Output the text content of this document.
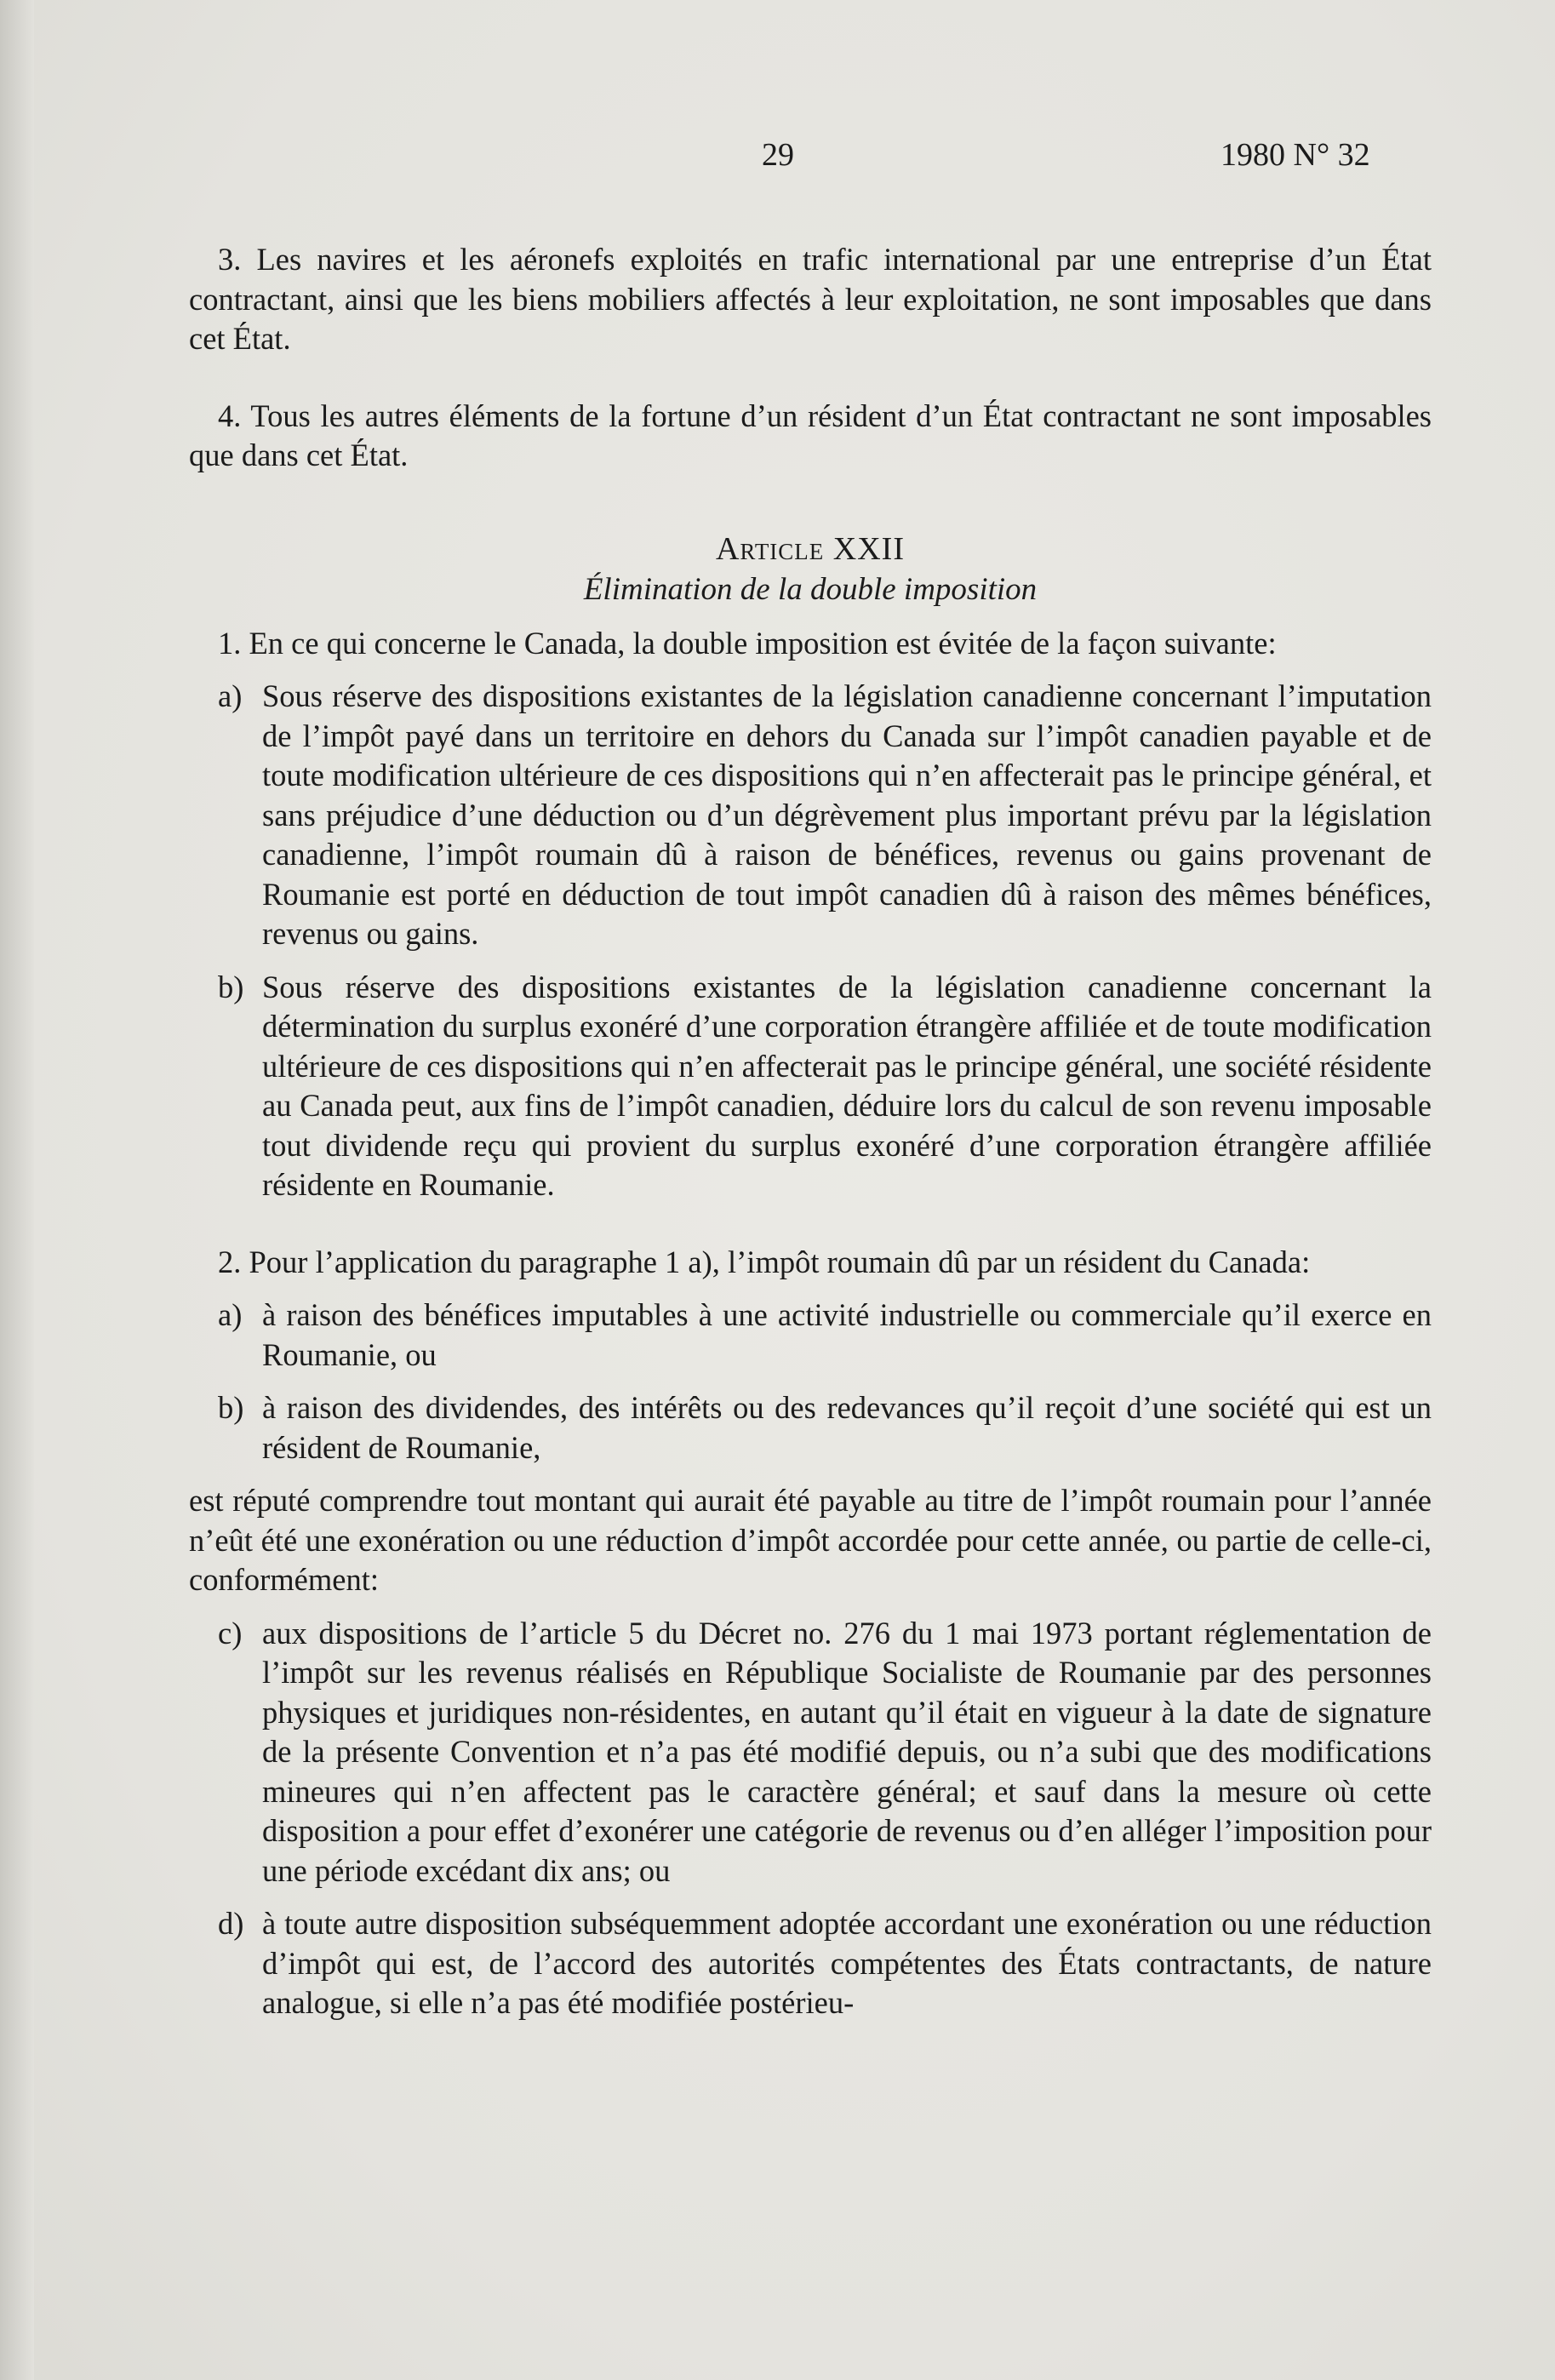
29	1980 N° 32

3. Les navires et les aéronefs exploités en trafic international par une entreprise d’un État contractant, ainsi que les biens mobiliers affectés à leur exploitation, ne sont imposables que dans cet État.

4. Tous les autres éléments de la fortune d’un résident d’un État contractant ne sont imposables que dans cet État.

Article XXII
Élimination de la double imposition

1. En ce qui concerne le Canada, la double imposition est évitée de la façon suivante:

a) Sous réserve des dispositions existantes de la législation canadienne concernant l’imputation de l’impôt payé dans un territoire en dehors du Canada sur l’impôt canadien payable et de toute modification ultérieure de ces dispositions qui n’en affecterait pas le principe général, et sans préjudice d’une déduction ou d’un dégrèvement plus important prévu par la législation canadienne, l’impôt roumain dû à raison de bénéfices, revenus ou gains provenant de Roumanie est porté en déduction de tout impôt canadien dû à raison des mêmes bénéfices, revenus ou gains.
b) Sous réserve des dispositions existantes de la législation canadienne concernant la détermination du surplus exonéré d’une corporation étrangère affiliée et de toute modification ultérieure de ces dispositions qui n’en affecterait pas le principe général, une société résidente au Canada peut, aux fins de l’impôt canadien, déduire lors du calcul de son revenu imposable tout dividende reçu qui provient du surplus exonéré d’une corporation étrangère affiliée résidente en Roumanie.

2. Pour l’application du paragraphe 1 a), l’impôt roumain dû par un résident du Canada:

a) à raison des bénéfices imputables à une activité industrielle ou commerciale qu’il exerce en Roumanie, ou
b) à raison des dividendes, des intérêts ou des redevances qu’il reçoit d’une société qui est un résident de Roumanie,

est réputé comprendre tout montant qui aurait été payable au titre de l’impôt roumain pour l’année n’eût été une exonération ou une réduction d’impôt accordée pour cette année, ou partie de celle-ci, conformément:

c) aux dispositions de l’article 5 du Décret no. 276 du 1 mai 1973 portant réglementation de l’impôt sur les revenus réalisés en République Socialiste de Roumanie par des personnes physiques et juridiques non-résidentes, en autant qu’il était en vigueur à la date de signature de la présente Convention et n’a pas été modifié depuis, ou n’a subi que des modifications mineures qui n’en affectent pas le caractère général; et sauf dans la mesure où cette disposition a pour effet d’exonérer une catégorie de revenus ou d’en alléger l’imposition pour une période excédant dix ans; ou
d) à toute autre disposition subséquemment adoptée accordant une exonération ou une réduction d’impôt qui est, de l’accord des autorités compétentes des États contractants, de nature analogue, si elle n’a pas été modifiée postérieu-
